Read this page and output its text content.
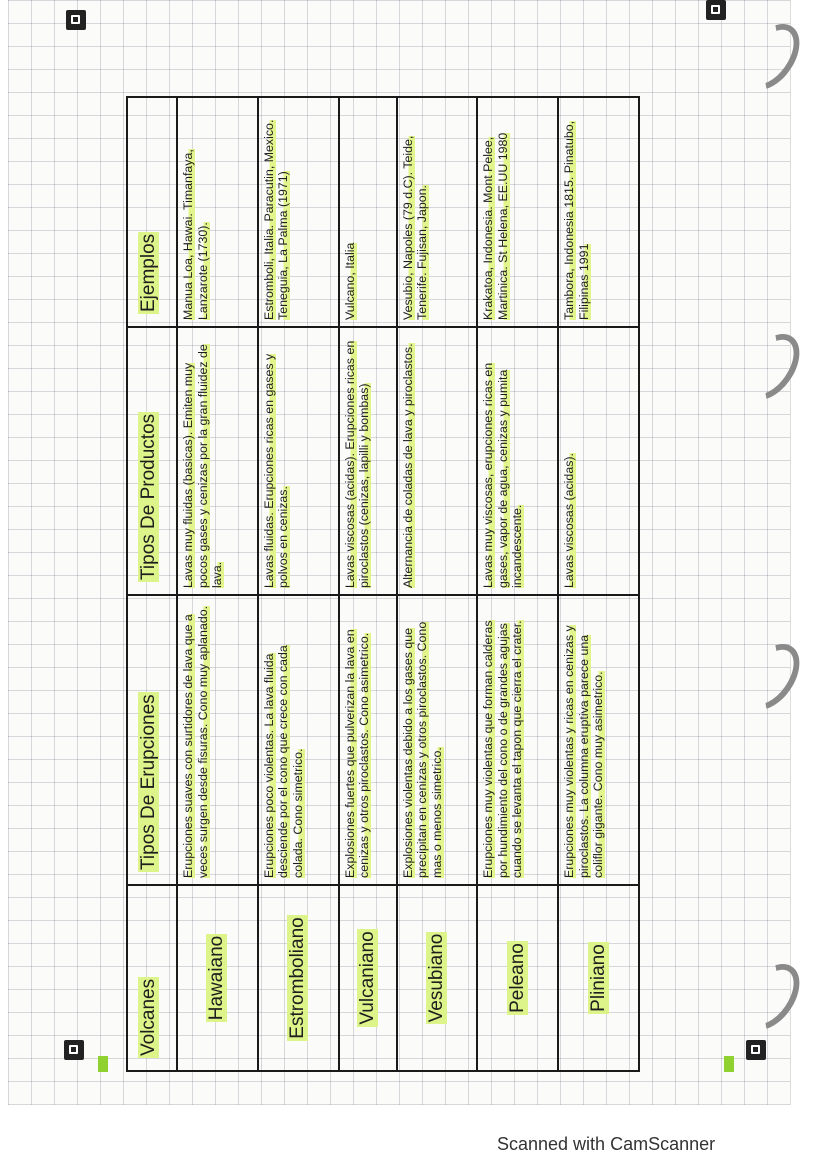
Volcanes	Tipos De Erupciones	Tipos De Productos	Ejemplos
Hawaiano	Erupciones suaves con surtidores de lava que a veces surgen desde fisuras. Cono muy aplanado.	Lavas muy fluidas (basicas). Emiten muy pocos gases y cenizas por la gran fluidez de lava.	Manua Loa, Hawai. Timanfaya, Lanzarote (1730).
Estromboliano	Erupciones poco violentas. La lava fluida desciende por el cono que crece con cada colada. Cono simetrico.	Lavas fluidas. Erupciones ricas en gases y polvos en cenizas.	Estromboli, Italia. Paracutin, Mexico. Teneguia, La Palma (1971)
Vulcaniano	Explosiones fuertes que pulverizan la lava en cenizas y otros piroclastos. Cono asimetrico.	Lavas viscosas (acidas). Erupciones ricas en piroclastos (cenizas, lapilli y bombas)	Vulcano, Italia
Vesubiano	Explosiones violentas debido a los gases que precipitan en cenizas y otros piroclastos. Cono mas o menos simetrico.	Alternancia de coladas de lava y piroclastos.	Vesubio, Napoles (79 d.C). Teide, Tenerife. Fujisan, Japon.
Peleano	Erupciones muy violentas que forman calderas por hundimiento del cono o de grandes agujas cuando se levanta el tapon que cierra el crater.	Lavas muy viscosas, erupciones ricas en gases, vapor de agua, cenizas y pumita incandescente.	Krakatoa, Indonesia. Mont Pelee, Martinica. St Helena, EE.UU 1980
Pliniano	Erupciones muy violentas y ricas en cenizas y piroclastos. La columna eruptiva parece una coliflor gigante. Cono muy asimetrico.	Lavas viscosas (acidas).	Tambora, Indonesia 1815. Pinatubo, Filipinas 1991
Scanned with CamScanner
